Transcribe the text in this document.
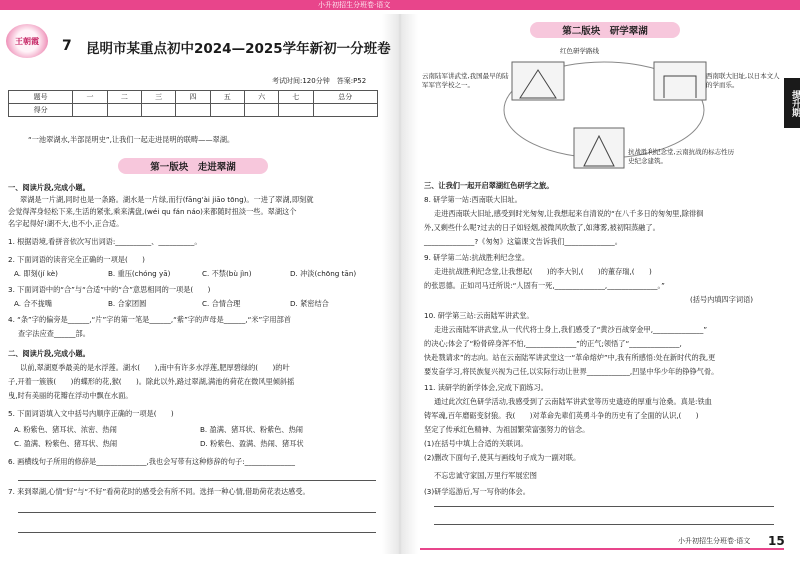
小升初招生分班卷·语文
提升期
王朝霞 7 昆明市某重点初中2024—2025学年新初一分班卷
考试时间:120分钟　答案:P52
题号	一	二	三	四	五	六	七	总分
得分								
“一池翠湖水,半部昆明史”,让我们一起走进昆明的联畴——翠湖。
第一版块　走进翠湖
一、阅读片段,完成小题。
翠湖是一片湖,同时也是一条路。湖水是一片绿,而行(fāng'ài jiāo tōng)。一进了翠湖,即刻就
会觉得浑身轻松下来,生活的紧张,乘来满盘,(wéi qu fán náo)来都随时扭淡一些。翠湖这个
名字起得好!湖不大,也不小,正合适。
1. 根据语境,看拼音依次写出词语:__________、__________。
2. 下面词语的读音完全正确的一项是(　　)
A. 即刻(jí kè)	B. 重压(chóng yā)	C. 不禁(bù jìn)	D. 冲淡(chōng tān)
3. 下面词语中的“合”与“合适”中的“合”意思相同的一项是(　　)
A. 合不拢嘴	B. 合家团圆	C. 合情合理	D. 紧密结合
4. “条”字的偏旁是______,“片”字的第一笔是______,“紫”字的声母是______,“米”字用部首
查字法应查______部。
二、阅读片段,完成小题。
以前,翠湖夏季最美的是水浮莲。湖水(　　),南中有许多水浮莲,肥厚碧绿的(　　)的叶
子,开着一簇簇(　　)的蝶形的花,猴(　　)。除此以外,路过翠湖,满池的荷花在微风里倾斜摇
曳,时有美丽的花瓣在浮动中飘在水面。
5. 下面词语填入文中括号内顺序正确的一项是(　　)
A. 粉紫色、猪耳状、浓密、热闹	B. 盈满、猪耳状、粉紫色、热闹
C. 盈满、粉紫色、猪耳状、热闹	D. 粉紫色、盈满、热闹、猪耳状
6. 画横线句子所用的修辞是______________,我也会写带有这种修辞的句子:______________
7. 来到翠湖,心情“好”与“不好”看荷花时的感受会有所不同。选择一种心情,借助荷花表达感受。
第二版块　研学翠湖
红色研学路线
云南陆军讲武堂,我国最早的陆军军官学校之一。
西南联大旧址,以日本文人的学而乐。
抗战胜利纪念堂,云南抗战的标志性历史纪念建筑。
三、让我们一起开启翠湖红色研学之旅。
8. 研学第一站:西南联大旧址。
走进西南联大旧址,感受到时光匆匆,让我想起来自清说的“在八千多日的匆匆里,除徘徊
外,又剩些什么呢?过去的日子如轻烟,被微风吹散了,如薄雾,被初阳蒸融了。
______________?《匆匆》这篇课文告诉我们______________。
9. 研学第二站:抗战胜利纪念堂。
走进抗战胜利纪念堂,让我想起(　　)的李大钊,(　　)的董存瑞,(　　)
的张思德。正如司马迁所说:“人固有一死,______________,______________。”
(括号内填四字词语)
10. 研学第三站:云南陆军讲武堂。
走进云南陆军讲武堂,从一代代将士身上,我们感受了“黄沙百战穿金甲,______________”
的决心;体会了“粉骨碎身浑不怕,______________”的正气;领悟了“______________,
快赴戮请求”的志向。站在云南陆军讲武堂这一“革命熔炉”中,我有所感悟:处在新时代的我,更
要发奋学习,将民族复兴视为己任,以实际行动让世界____________,凹显中华少年的铮铮气骨。
11. 读研学的新学体会,完成下面练习。
通过此次红色研学活动,我感受到了云南陆军讲武堂等历史遗迹的厚重与沧桑。真是:铁血
铸军魂,百年磨砺变豺狼。我(　　)对革命先辈们英勇斗争的历史有了全面的认识,(　　)
坚定了传承红色精神、为祖国繁荣富强努力的信念。
(1)在括号中填上合适的关联词。
(2)删改下面句子,使其与画线句子成为一副对联。
不忘忠诚守家国,万里行军展宏图
(3)研学巡游后,写一写你的体会。
小升初招生分班卷·语文 15
